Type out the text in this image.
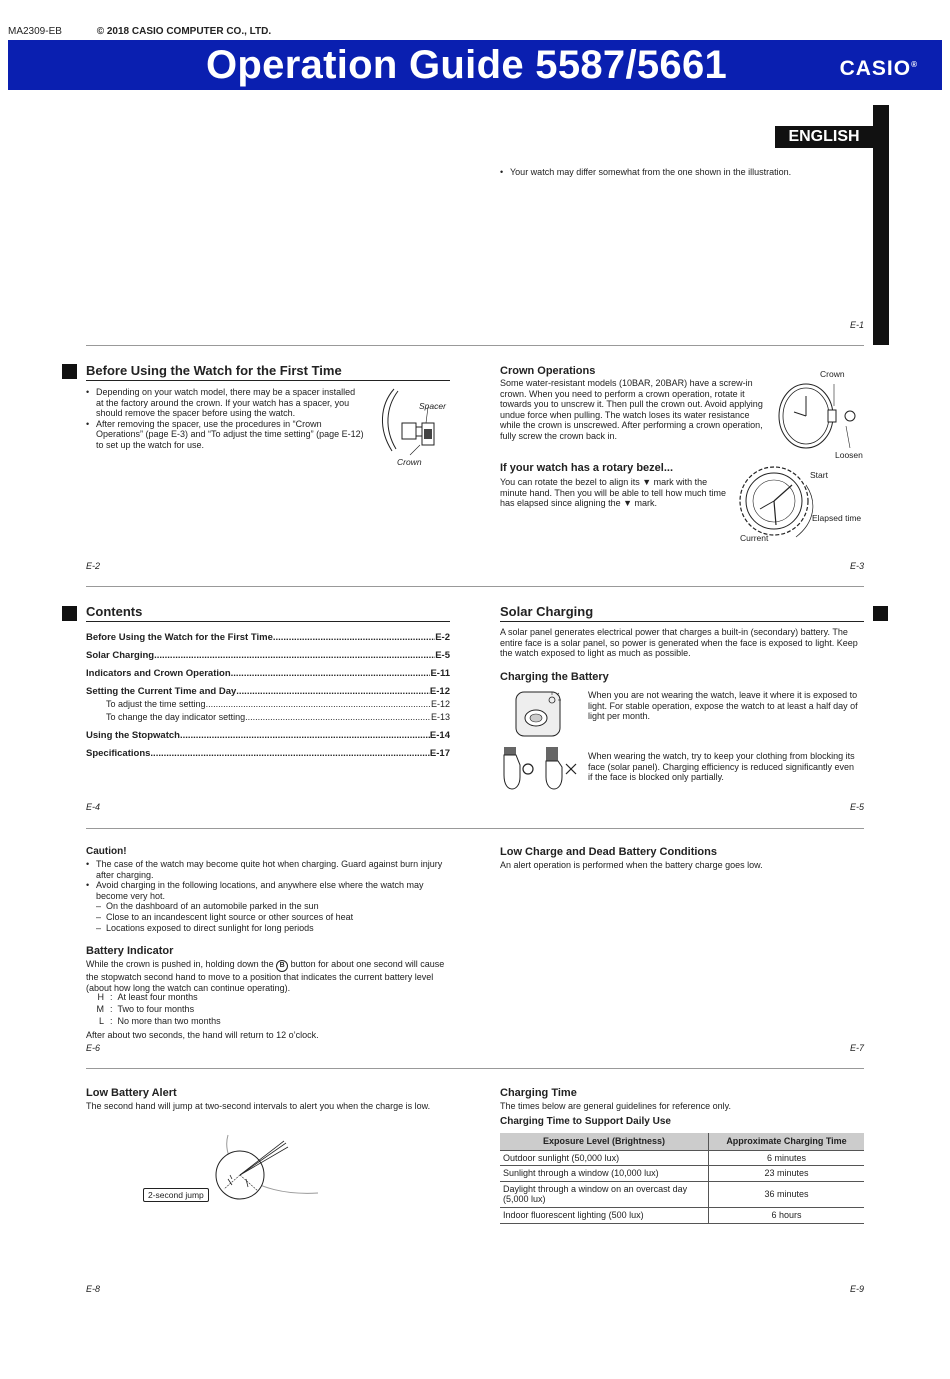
MA2309-EB	© 2018 CASIO COMPUTER CO., LTD.
Operation Guide 5587/5661	CASIO®
ENGLISH
• Your watch may differ somewhat from the one shown in the illustration.
E-1
Before Using the Watch for the First Time
• Depending on your watch model, there may be a spacer installed at the factory around the crown. If your watch has a spacer, you should remove the spacer before using the watch.
• After removing the spacer, use the procedures in “Crown Operations” (page E-3) and “To adjust the time setting” (page E-12) to set up the watch for use.
Spacer
Crown
E-2
Crown Operations
Some water-resistant models (10BAR, 20BAR) have a screw-in crown. When you need to perform a crown operation, rotate it towards you to unscrew it. Then pull the crown out. Avoid applying undue force when pulling. The watch loses its water resistance while the crown is unscrewed. After performing a crown operation, fully screw the crown back in.
Crown
Loosen
If your watch has a rotary bezel...
You can rotate the bezel to align its ▼ mark with the minute hand. Then you will be able to tell how much time has elapsed since aligning the ▼ mark.
Start
Elapsed time
Current
E-3
Contents
Before Using the Watch for the First Time .....	E-2
Solar Charging .....	E-5
Indicators and Crown Operation .....	E-11
Setting the Current Time and Day .....	E-12
To adjust the time setting .....	E-12
To change the day indicator setting .....	E-13
Using the Stopwatch .....	E-14
Specifications .....	E-17
E-4
Solar Charging
A solar panel generates electrical power that charges a built-in (secondary) battery. The entire face is a solar panel, so power is generated when the face is exposed to light. Keep the watch exposed to light as much as possible.
Charging the Battery
When you are not wearing the watch, leave it where it is exposed to light. For stable operation, expose the watch to at least a half day of light per month.
When wearing the watch, try to keep your clothing from blocking its face (solar panel). Charging efficiency is reduced significantly even if the face is blocked only partially.
E-5
Caution!
• The case of the watch may become quite hot when charging. Guard against burn injury after charging.
• Avoid charging in the following locations, and anywhere else where the watch may become very hot.
– On the dashboard of an automobile parked in the sun
– Close to an incandescent light source or other sources of heat
– Locations exposed to direct sunlight for long periods
Battery Indicator
While the crown is pushed in, holding down the B button for about one second will cause the stopwatch second hand to move to a position that indicates the current battery level (about how long the watch can continue operating).
H :
At least four months
M :
Two to four months
L :
No more than two months
After about two seconds, the hand will return to 12 o’clock.
E-6
Low Charge and Dead Battery Conditions
An alert operation is performed when the battery charge goes low.
E-7
Low Battery Alert
The second hand will jump at two-second intervals to alert you when the charge is low.
2-second jump
E-8
Charging Time
The times below are general guidelines for reference only.
Charging Time to Support Daily Use
Exposure Level (Brightness)	Approximate Charging Time
Outdoor sunlight (50,000 lux)	6 minutes
Sunlight through a window (10,000 lux)	23 minutes
Daylight through a window on an overcast day (5,000 lux)	36 minutes
Indoor fluorescent lighting (500 lux)	6 hours
E-9
